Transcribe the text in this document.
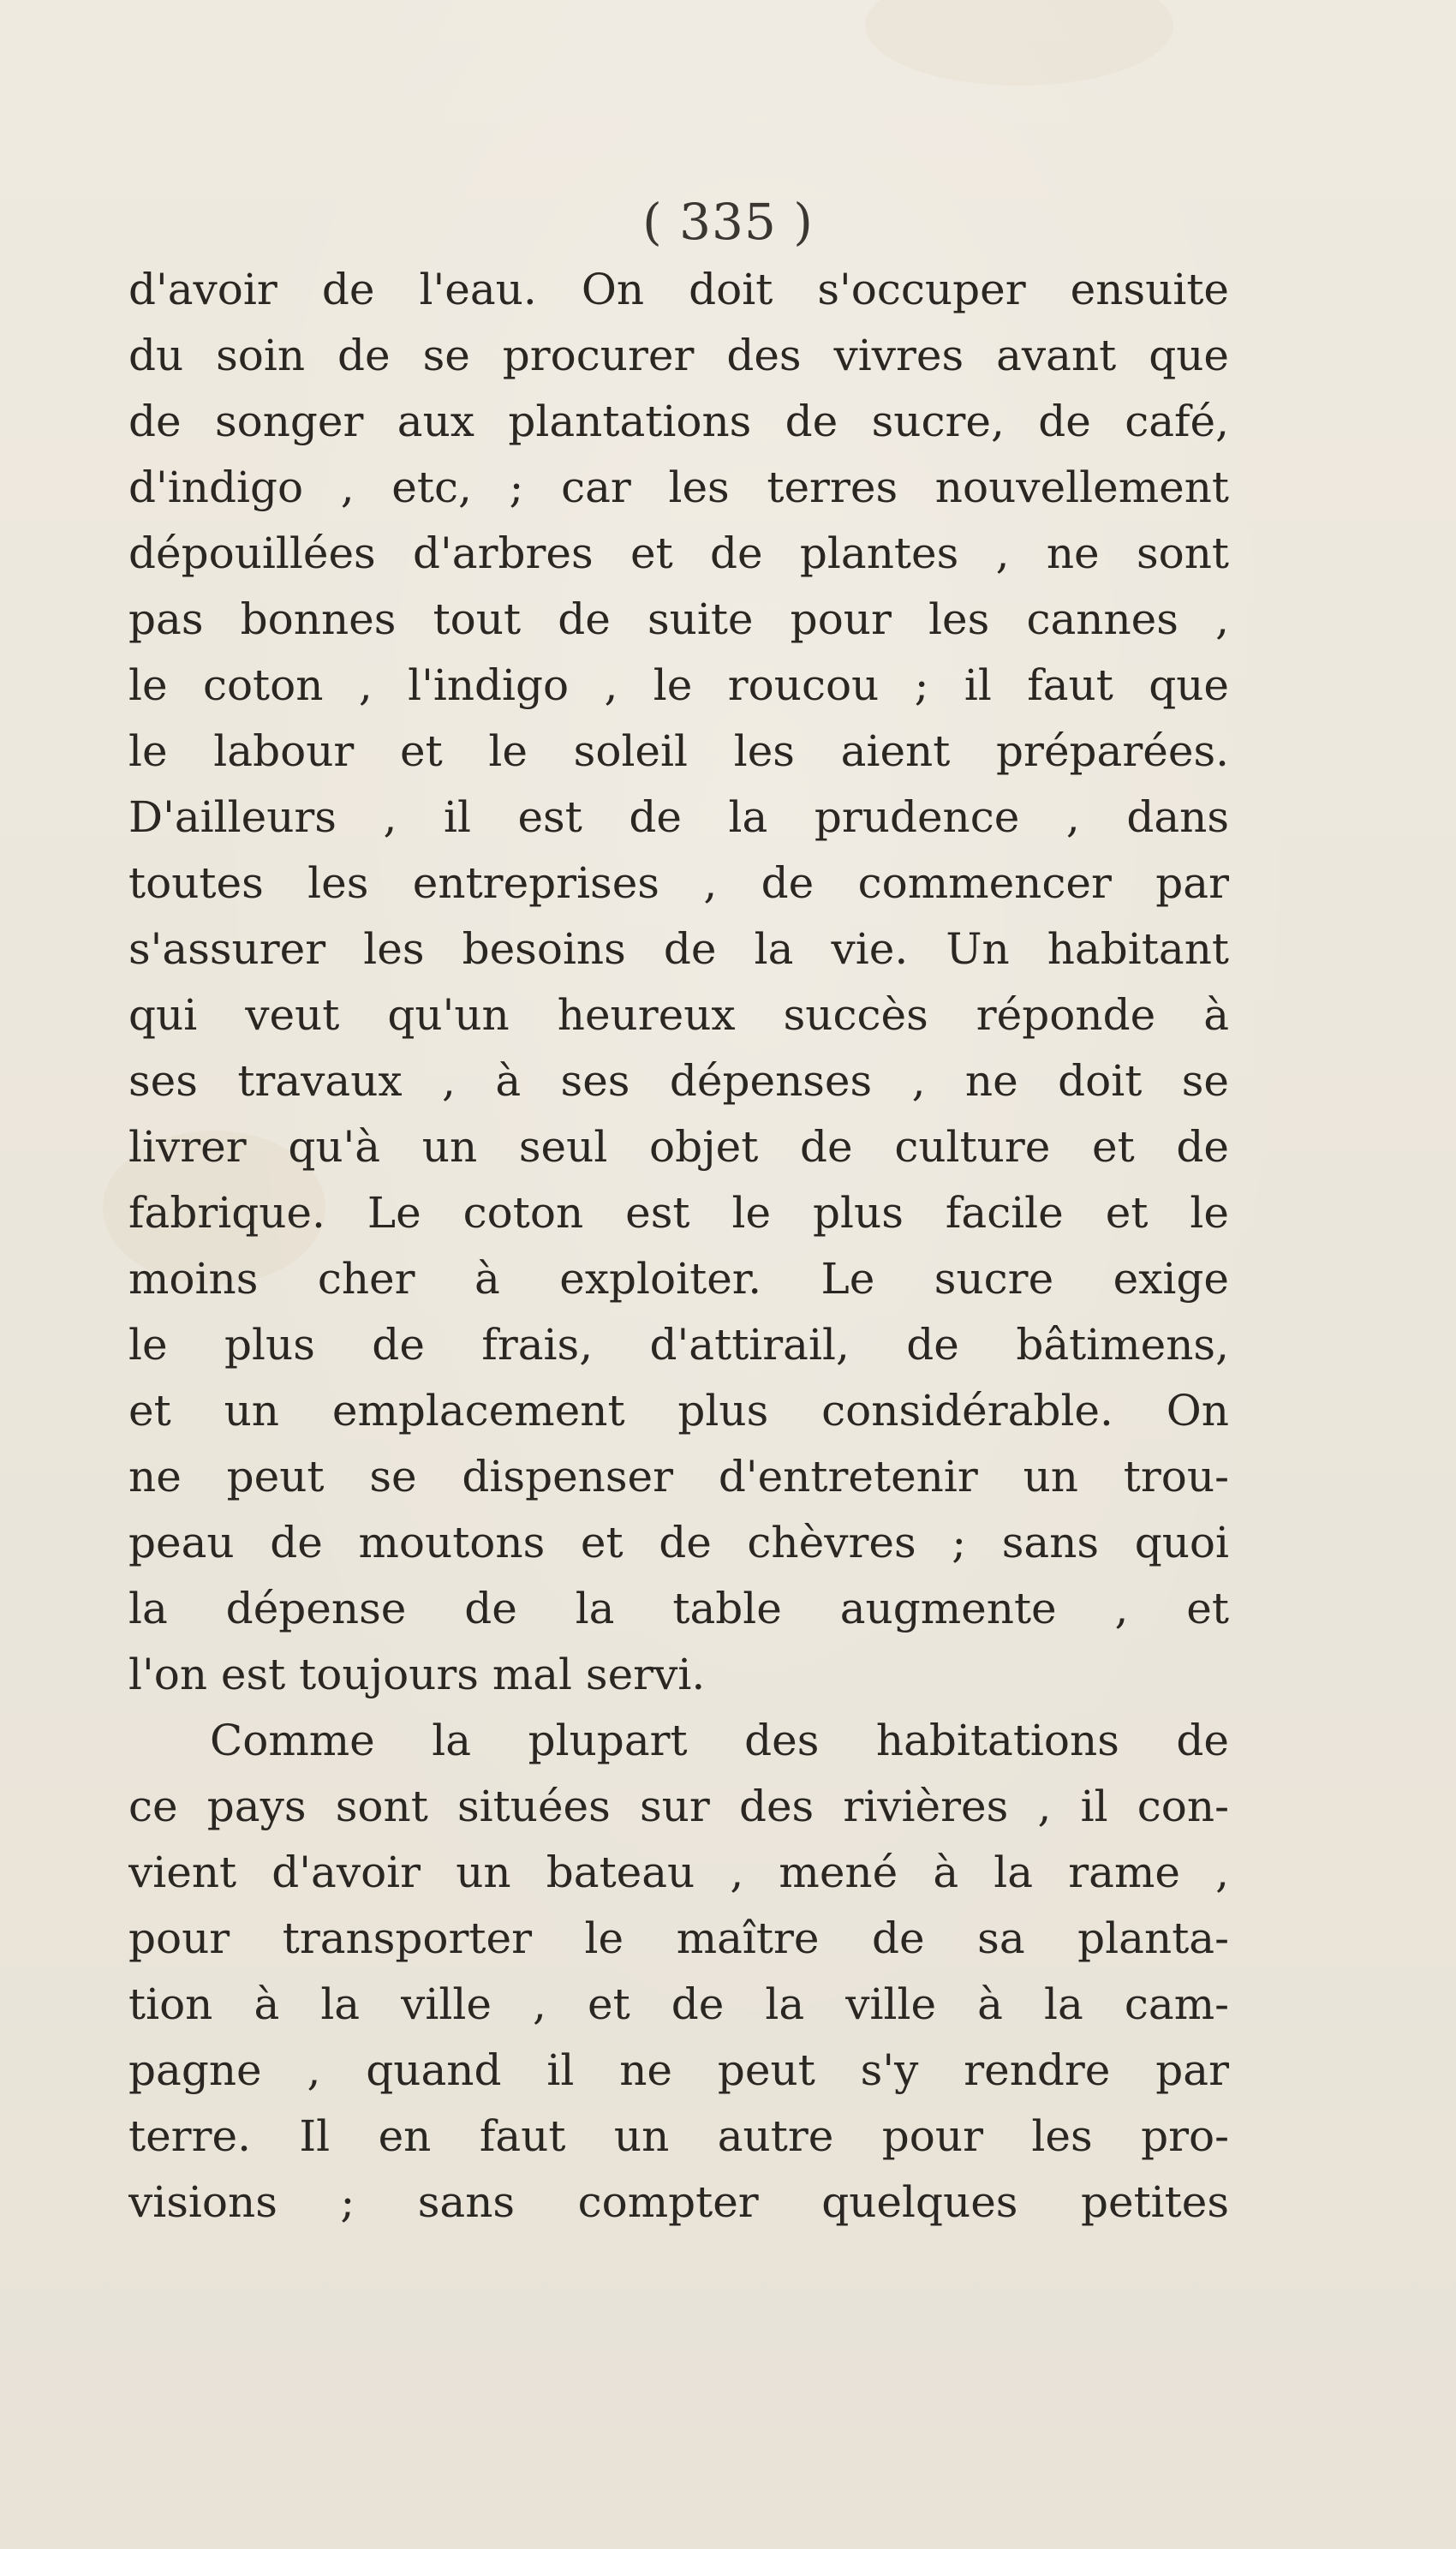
( 335 )
d'avoir de l'eau. On doit s'occuper ensuite
du soin de se procurer des vivres avant que
de songer aux plantations de sucre, de café,
d'indigo , etc, ; car les terres nouvellement
dépouillées d'arbres et de plantes , ne sont
pas bonnes tout de suite pour les cannes ,
le coton , l'indigo , le roucou ; il faut que
le labour et le soleil les aient préparées.
D'ailleurs , il est de la prudence , dans
toutes les entreprises , de commencer par
s'assurer les besoins de la vie. Un habitant
qui veut qu'un heureux succès réponde à
ses travaux , à ses dépenses , ne doit se
livrer qu'à un seul objet de culture et de
fabrique. Le coton est le plus facile et le
moins cher à exploiter. Le sucre exige
le plus de frais, d'attirail, de bâtimens,
et un emplacement plus considérable. On
ne peut se dispenser d'entretenir un trou-
peau de moutons et de chèvres ; sans quoi
la dépense de la table augmente , et
l'on est toujours mal servi.
Comme la plupart des habitations de
ce pays sont situées sur des rivières , il con-
vient d'avoir un bateau , mené à la rame ,
pour transporter le maître de sa planta-
tion à la ville , et de la ville à la cam-
pagne , quand il ne peut s'y rendre par
terre. Il en faut un autre pour les pro-
visions ; sans compter quelques petites
